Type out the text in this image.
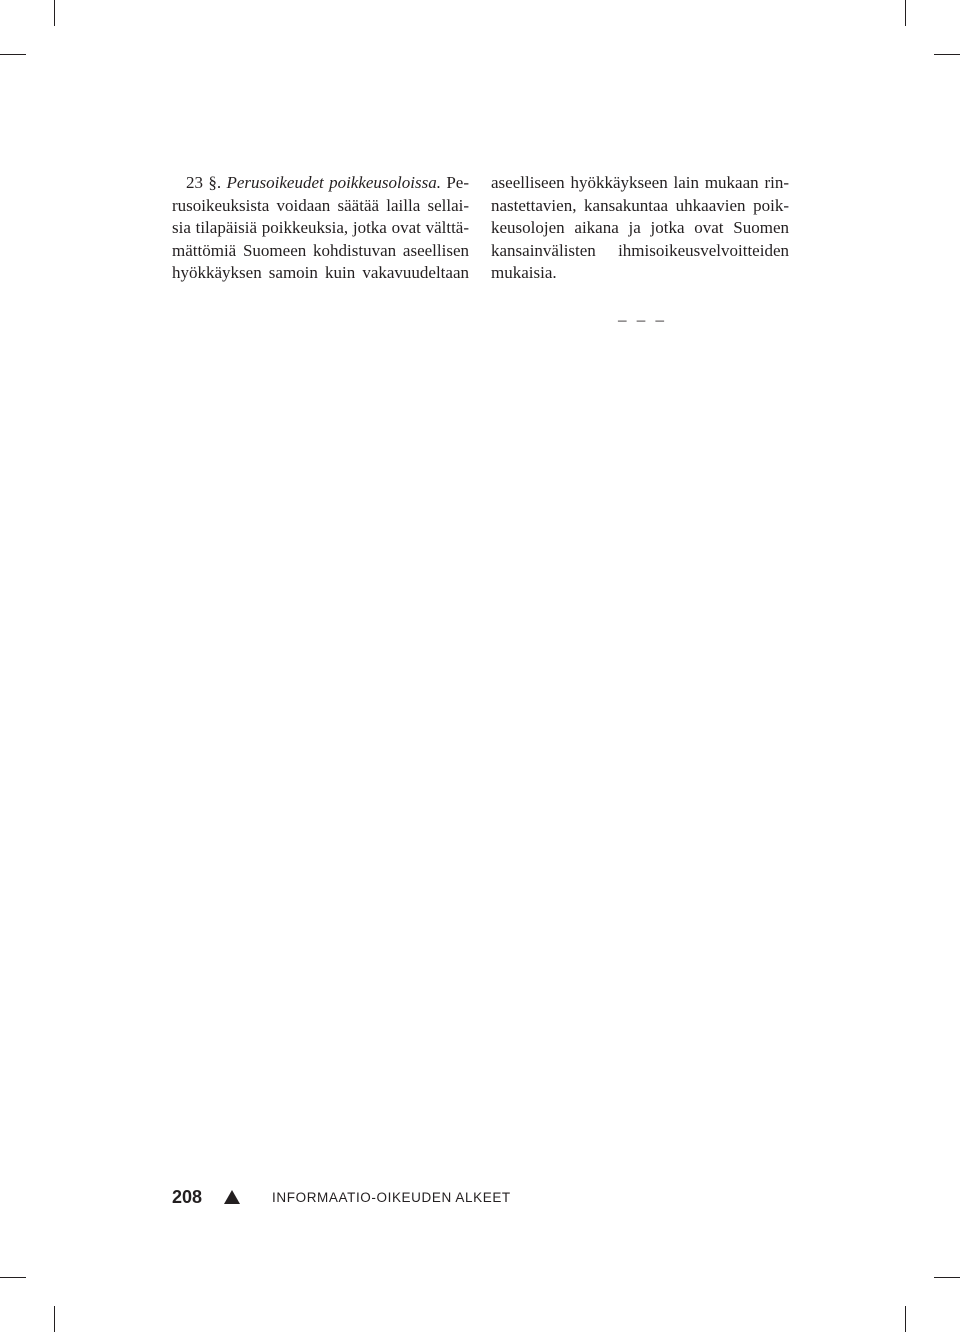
23 §. Perusoikeudet poikkeusoloissa. Pe-
rusoikeuksista voidaan säätää lailla sellai-
sia tilapäisiä poikkeuksia, jotka ovat välttä-
mättömiä Suomeen kohdistuvan aseellisen
hyökkäyksen samoin kuin vakavuudeltaan
aseelliseen hyökkäykseen lain mukaan rin-
nastettavien, kansakuntaa uhkaavien poik-
keusolojen aikana ja jotka ovat Suomen
kansainvälisten ihmisoikeusvelvoitteiden
mukaisia.
– – –
208	INFORMAATIO-OIKEUDEN ALKEET
